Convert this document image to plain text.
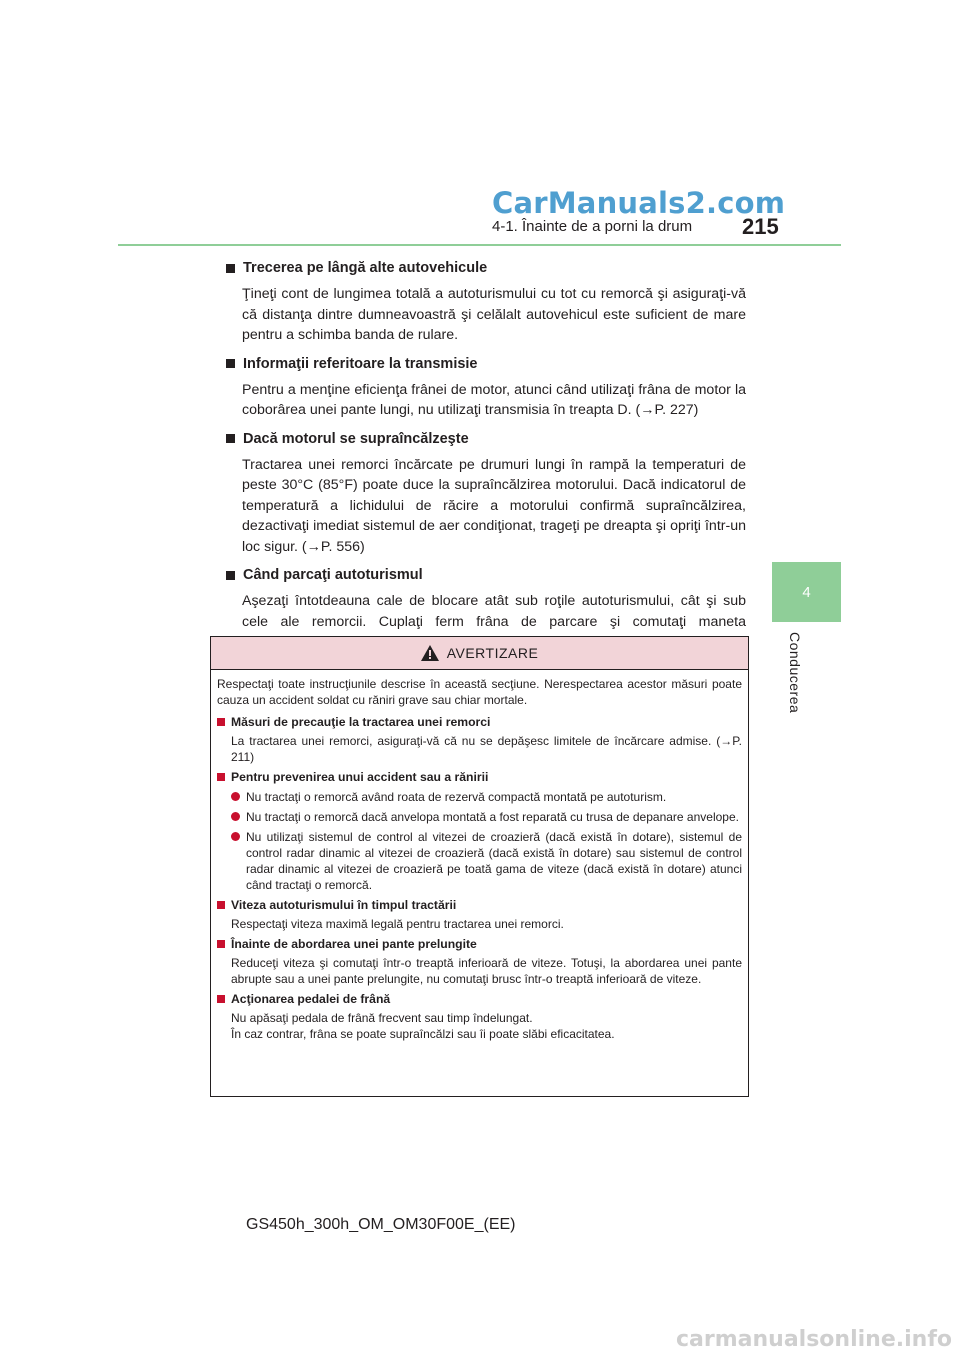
CarManuals2.com
4-1. Înainte de a porni la drum 215
4
Conducerea
Trecerea pe lângă alte autovehicule
Ţineţi cont de lungimea totală a autoturismului cu tot cu remorcă şi asiguraţi-vă că distanţa dintre dumneavoastră şi celălalt autovehicul este suficient de mare pentru a schimba banda de rulare.
Informaţii referitoare la transmisie
Pentru a menţine eficienţa frânei de motor, atunci când utilizaţi frâna de motor la coborârea unei pante lungi, nu utilizaţi transmisia în treapta D. (→P. 227)
Dacă motorul se supraîncălzeşte
Tractarea unei remorci încărcate pe drumuri lungi în rampă la temperaturi de peste 30°C (85°F) poate duce la supraîncălzirea motorului. Dacă indicatorul de temperatură a lichidului de răcire a motorului confirmă supraîncălzirea, dezactivaţi imediat sistemul de aer condiţionat, trageţi pe dreapta şi opriţi într-un loc sigur. (→P. 556)
Când parcaţi autoturismul
Aşezaţi întotdeauna cale de blocare atât sub roţile autoturismului, cât şi sub cele ale remorcii. Cuplaţi ferm frâna de parcare şi comutaţi maneta
AVERTIZARE
Respectaţi toate instrucţiunile descrise în această secţiune. Nerespectarea acestor măsuri poate cauza un accident soldat cu răniri grave sau chiar mortale.
Măsuri de precauţie la tractarea unei remorci
La tractarea unei remorci, asiguraţi-vă că nu se depăşesc limitele de încărcare admise. (→P. 211)
Pentru prevenirea unui accident sau a rănirii
Nu tractaţi o remorcă având roata de rezervă compactă montată pe autoturism.
Nu tractaţi o remorcă dacă anvelopa montată a fost reparată cu trusa de depanare anvelope.
Nu utilizaţi sistemul de control al vitezei de croazieră (dacă există în dotare), sistemul de control radar dinamic al vitezei de croazieră (dacă există în dotare) sau sistemul de control radar dinamic al vitezei de croazieră pe toată gama de viteze (dacă există în dotare) atunci când tractaţi o remorcă.
Viteza autoturismului în timpul tractării
Respectaţi viteza maximă legală pentru tractarea unei remorci.
Înainte de abordarea unei pante prelungite
Reduceţi viteza şi comutaţi într-o treaptă inferioară de viteze. Totuşi, la abordarea unei pante abrupte sau a unei pante prelungite, nu comutaţi brusc într-o treaptă inferioară de viteze.
Acţionarea pedalei de frână
Nu apăsaţi pedala de frână frecvent sau timp îndelungat.
În caz contrar, frâna se poate supraîncălzi sau îi poate slăbi eficacitatea.
GS450h_300h_OM_OM30F00E_(EE)
carmanualsonline.info
